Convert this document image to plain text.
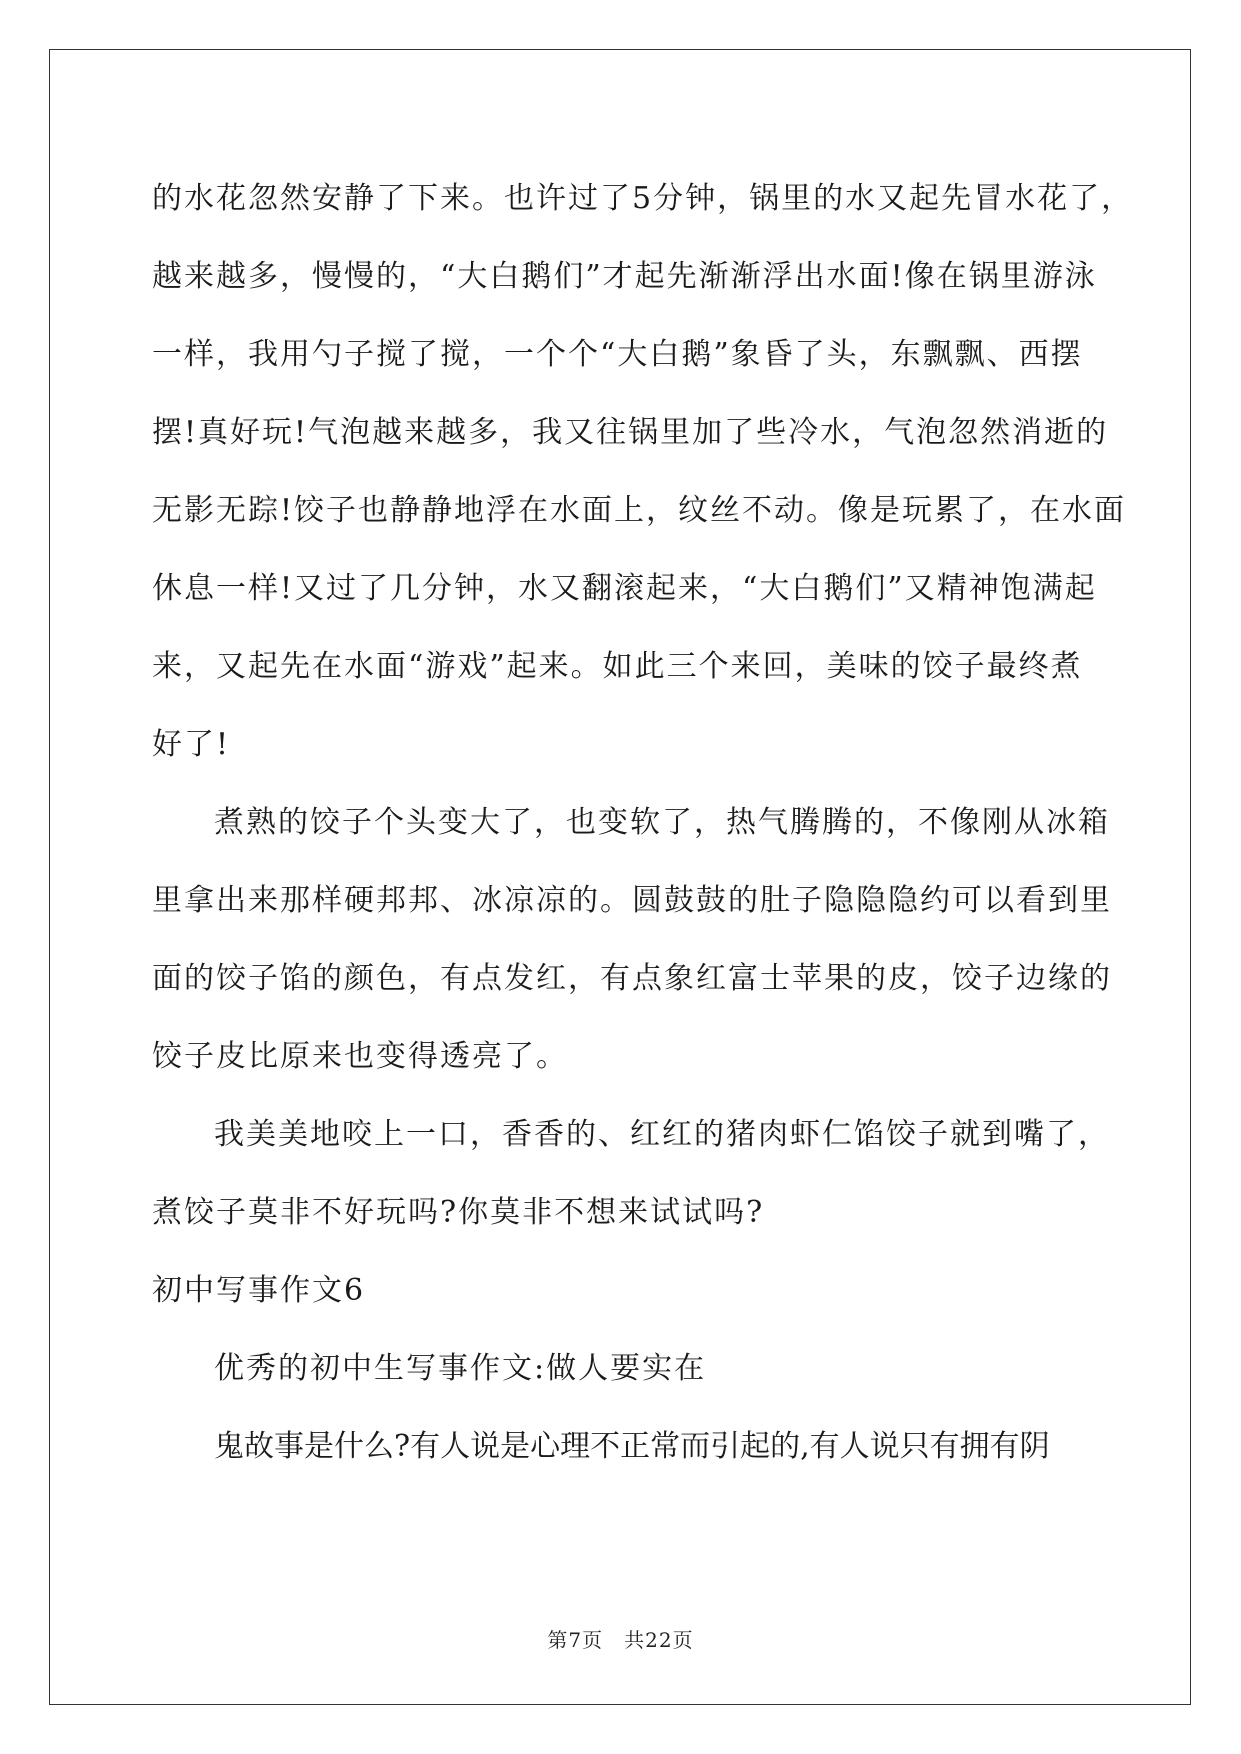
的水花忽然安静了下来。也许过了5分钟，锅里的水又起先冒水花了，
越来越多，慢慢的，“大白鹅们”才起先渐渐浮出水面!像在锅里游泳
一样，我用勺子搅了搅，一个个“大白鹅”象昏了头，东飘飘、西摆
摆!真好玩!气泡越来越多，我又往锅里加了些冷水，气泡忽然消逝的
无影无踪!饺子也静静地浮在水面上，纹丝不动。像是玩累了，在水面
休息一样!又过了几分钟，水又翻滚起来，“大白鹅们”又精神饱满起
来，又起先在水面“游戏”起来。如此三个来回，美味的饺子最终煮
好了!
煮熟的饺子个头变大了，也变软了，热气腾腾的，不像刚从冰箱
里拿出来那样硬邦邦、冰凉凉的。圆鼓鼓的肚子隐隐隐约可以看到里
面的饺子馅的颜色，有点发红，有点象红富士苹果的皮，饺子边缘的
饺子皮比原来也变得透亮了。
我美美地咬上一口，香香的、红红的猪肉虾仁馅饺子就到嘴了，
煮饺子莫非不好玩吗?你莫非不想来试试吗?
初中写事作文6
优秀的初中生写事作文:做人要实在
鬼故事是什么?有人说是心理不正常而引起的,有人说只有拥有阴
第7页　共22页
